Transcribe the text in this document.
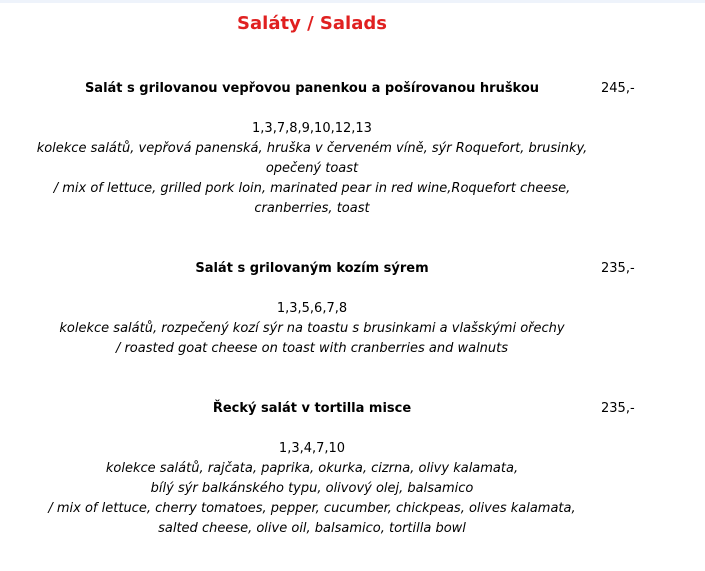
Saláty / Salads
Salát s grilovanou vepřovou panenkou a pošírovanou hruškou	245,-
1,3,7,8,9,10,12,13
kolekce salátů, vepřová panenská, hruška v červeném víně, sýr Roquefort, brusinky,
opečený toast
/ mix of lettuce, grilled pork loin, marinated pear in red wine,Roquefort cheese,
cranberries, toast
Salát s grilovaným kozím sýrem	235,-
1,3,5,6,7,8
kolekce salátů, rozpečený kozí sýr na toastu s brusinkami a vlašskými ořechy
/ roasted goat cheese on toast with cranberries and walnuts
Řecký salát v tortilla misce	235,-
1,3,4,7,10
kolekce salátů, rajčata, paprika, okurka, cizrna, olivy kalamata,
bílý sýr balkánského typu, olivový olej, balsamico
/ mix of lettuce, cherry tomatoes, pepper, cucumber, chickpeas, olives kalamata,
salted cheese, olive oil, balsamico, tortilla bowl
